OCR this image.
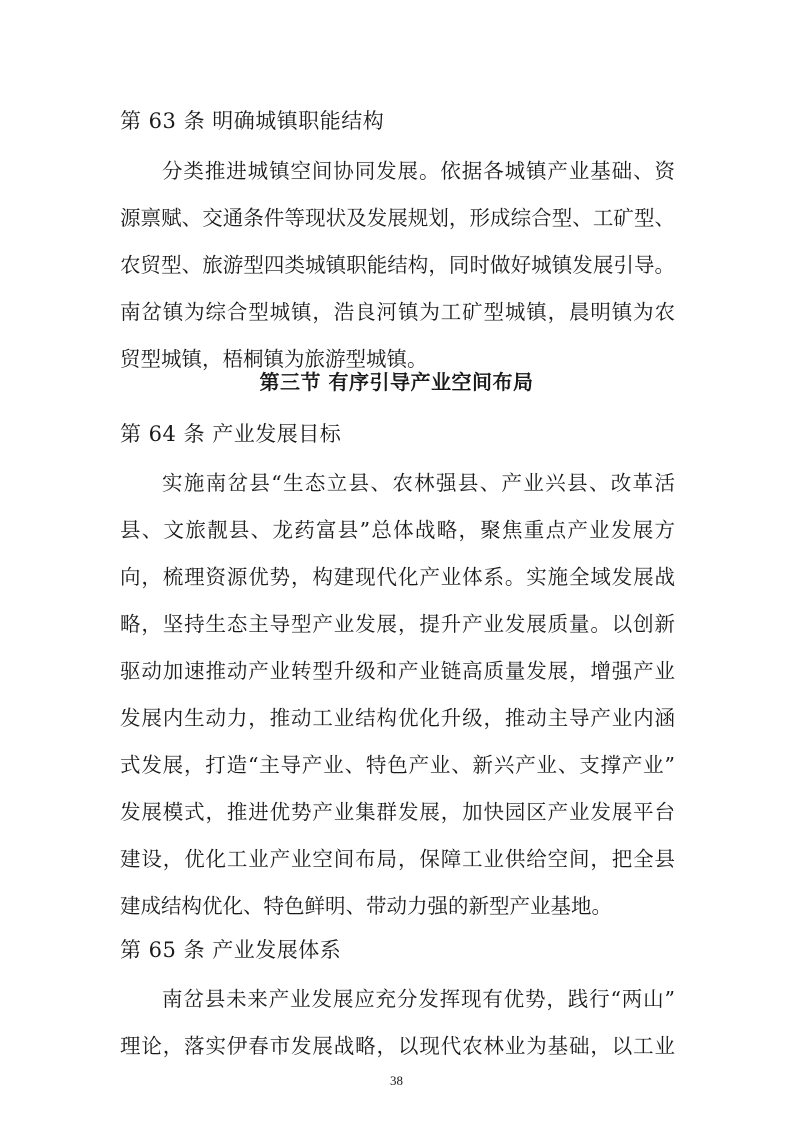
第 63 条 明确城镇职能结构
分类推进城镇空间协同发展。依据各城镇产业基础、资
源禀赋、交通条件等现状及发展规划，形成综合型、工矿型、
农贸型、旅游型四类城镇职能结构，同时做好城镇发展引导。
南岔镇为综合型城镇，浩良河镇为工矿型城镇，晨明镇为农
贸型城镇，梧桐镇为旅游型城镇。
第三节 有序引导产业空间布局
第 64 条 产业发展目标
实施南岔县“生态立县、农林强县、产业兴县、改革活
县、文旅靓县、龙药富县”总体战略，聚焦重点产业发展方
向，梳理资源优势，构建现代化产业体系。实施全域发展战
略，坚持生态主导型产业发展，提升产业发展质量。以创新
驱动加速推动产业转型升级和产业链高质量发展，增强产业
发展内生动力，推动工业结构优化升级，推动主导产业内涵
式发展，打造“主导产业、特色产业、新兴产业、支撑产业”
发展模式，推进优势产业集群发展，加快园区产业发展平台
建设，优化工业产业空间布局，保障工业供给空间，把全县
建成结构优化、特色鲜明、带动力强的新型产业基地。
第 65 条 产业发展体系
南岔县未来产业发展应充分发挥现有优势，践行“两山”
理论，落实伊春市发展战略，以现代农林业为基础，以工业
38
